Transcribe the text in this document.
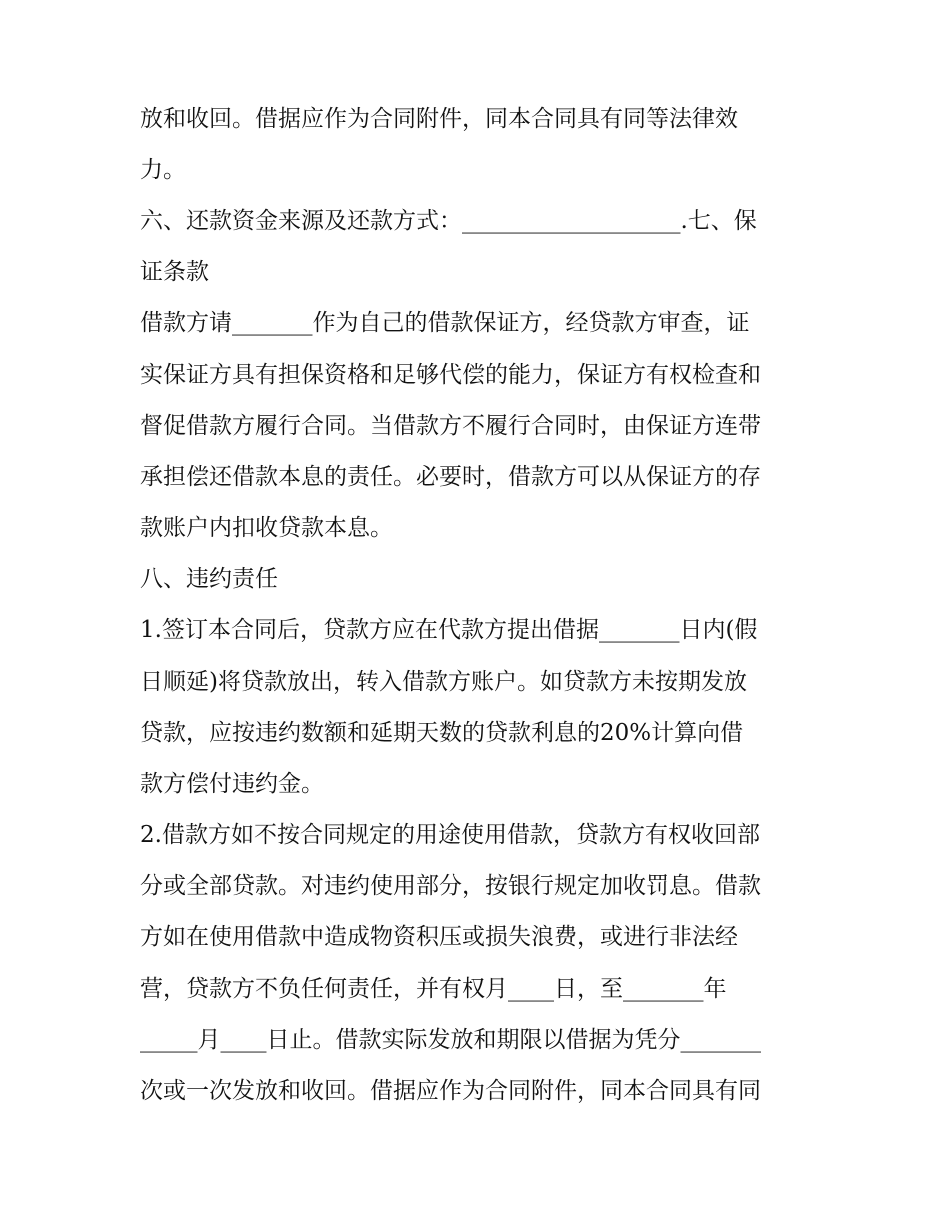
放和收回。借据应作为合同附件，同本合同具有同等法律效
力。
六、还款资金来源及还款方式：___________________.七、保
证条款
借款方请_______作为自己的借款保证方，经贷款方审查，证
实保证方具有担保资格和足够代偿的能力，保证方有权检查和
督促借款方履行合同。当借款方不履行合同时，由保证方连带
承担偿还借款本息的责任。必要时，借款方可以从保证方的存
款账户内扣收贷款本息。
八、违约责任
1.签订本合同后，贷款方应在代款方提出借据_______日内(假
日顺延)将贷款放出，转入借款方账户。如贷款方未按期发放
贷款，应按违约数额和延期天数的贷款利息的20%计算向借
款方偿付违约金。
2.借款方如不按合同规定的用途使用借款，贷款方有权收回部
分或全部贷款。对违约使用部分，按银行规定加收罚息。借款
方如在使用借款中造成物资积压或损失浪费，或进行非法经
营，贷款方不负任何责任，并有权月____日，至_______年
_____月____日止。借款实际发放和期限以借据为凭分_______
次或一次发放和收回。借据应作为合同附件，同本合同具有同
